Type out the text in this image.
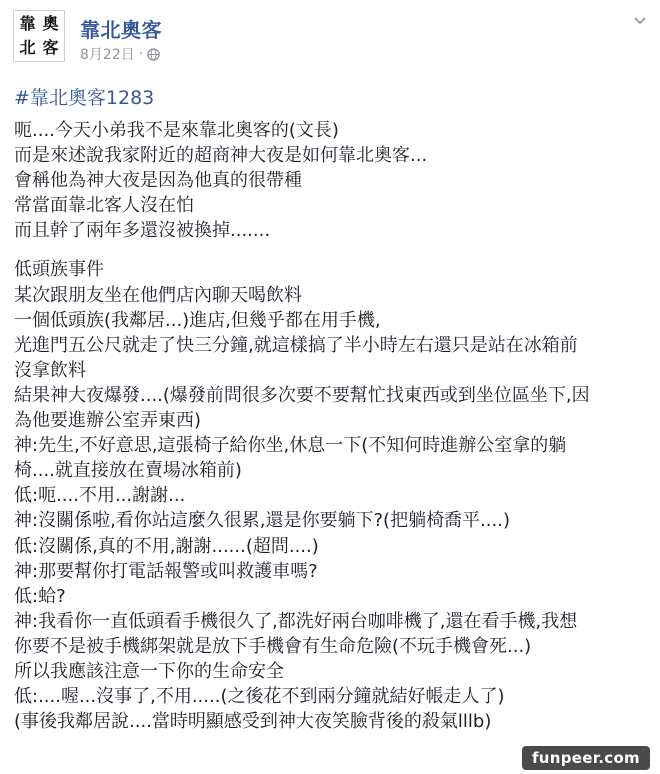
靠 奧
北 客
靠北奧客
8月22日 ·
#靠北奧客1283
呃....今天小弟我不是來靠北奧客的(文長)
而是來述說我家附近的超商神大夜是如何靠北奧客...
會稱他為神大夜是因為他真的很帶種
常當面靠北客人沒在怕
而且幹了兩年多還沒被換掉.......
低頭族事件
某次跟朋友坐在他們店內聊天喝飲料
一個低頭族(我鄰居...)進店,但幾乎都在用手機,
光進門五公尺就走了快三分鐘,就這樣搞了半小時左右還只是站在冰箱前
沒拿飲料
結果神大夜爆發....(爆發前問很多次要不要幫忙找東西或到坐位區坐下,因
為他要進辦公室弄東西)
神:先生,不好意思,這張椅子給你坐,休息一下(不知何時進辦公室拿的躺
椅....就直接放在賣場冰箱前)
低:呃....不用...謝謝...
神:沒關係啦,看你站這麼久很累,還是你要躺下?(把躺椅喬平....)
低:沒關係,真的不用,謝謝......(超問....)
神:那要幫你打電話報警或叫救護車嗎?
低:蛤?
神:我看你一直低頭看手機很久了,都洗好兩台咖啡機了,還在看手機,我想
你要不是被手機綁架就是放下手機會有生命危險(不玩手機會死...)
所以我應該注意一下你的生命安全
低:....喔...沒事了,不用.....(之後花不到兩分鐘就結好帳走人了)
(事後我鄰居說....當時明顯感受到神大夜笑臉背後的殺氣lllb)
funpeer.com
